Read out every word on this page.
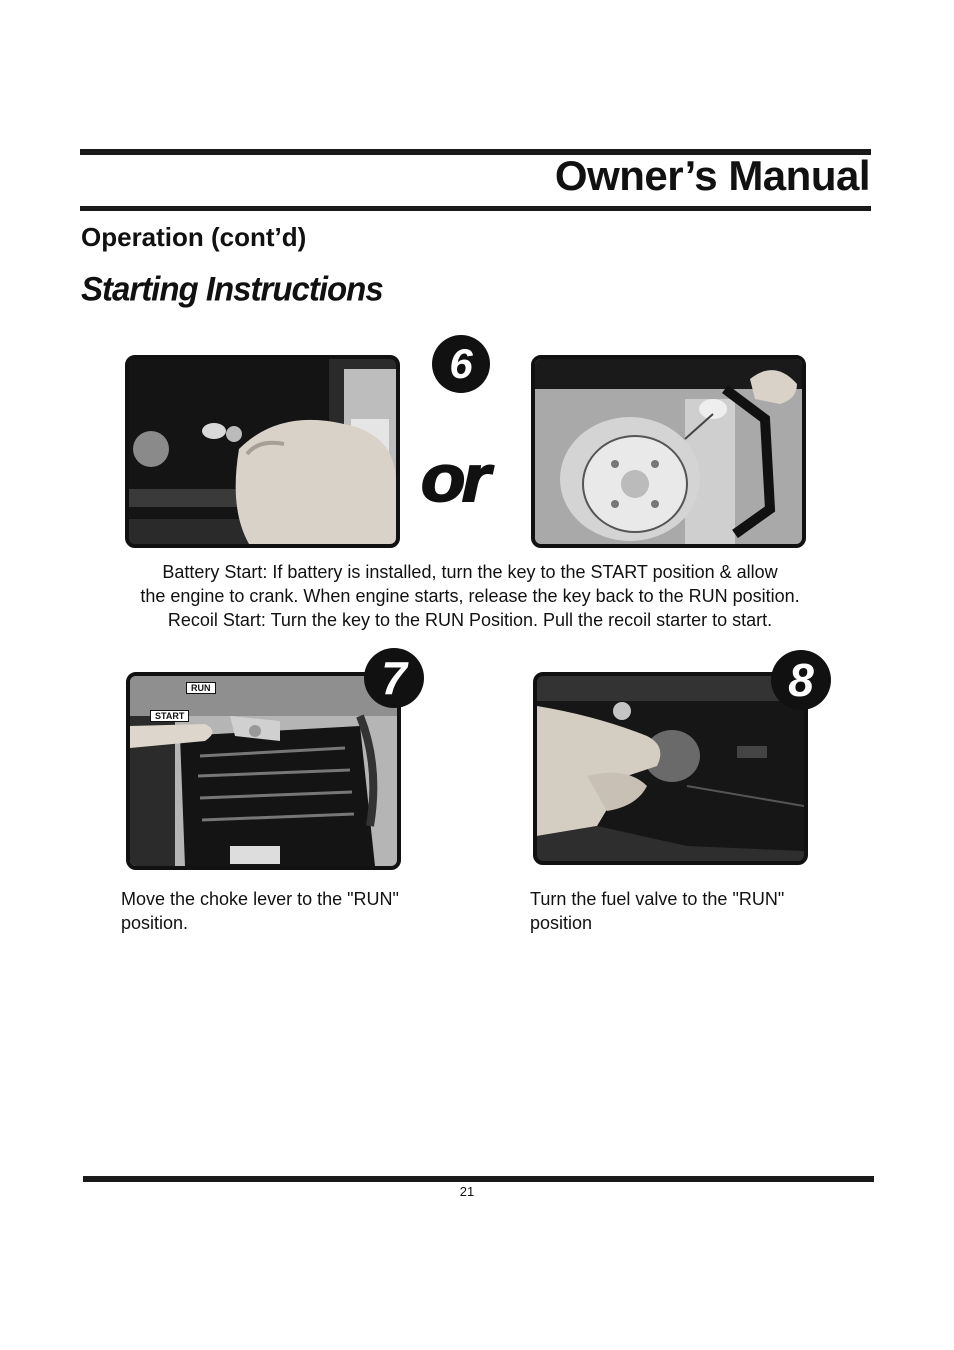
Owner’s Manual
Operation (cont’d)
Starting Instructions
6
or
Battery Start: If battery is installed, turn the key to the START position & allow
the engine to crank. When engine starts, release the key back to the RUN position.
Recoil Start: Turn the key to the RUN Position. Pull the recoil starter to start.
RUN
START
7	8
Move the choke lever to the "RUN"
position.
Turn the fuel valve to the "RUN"
position
21
